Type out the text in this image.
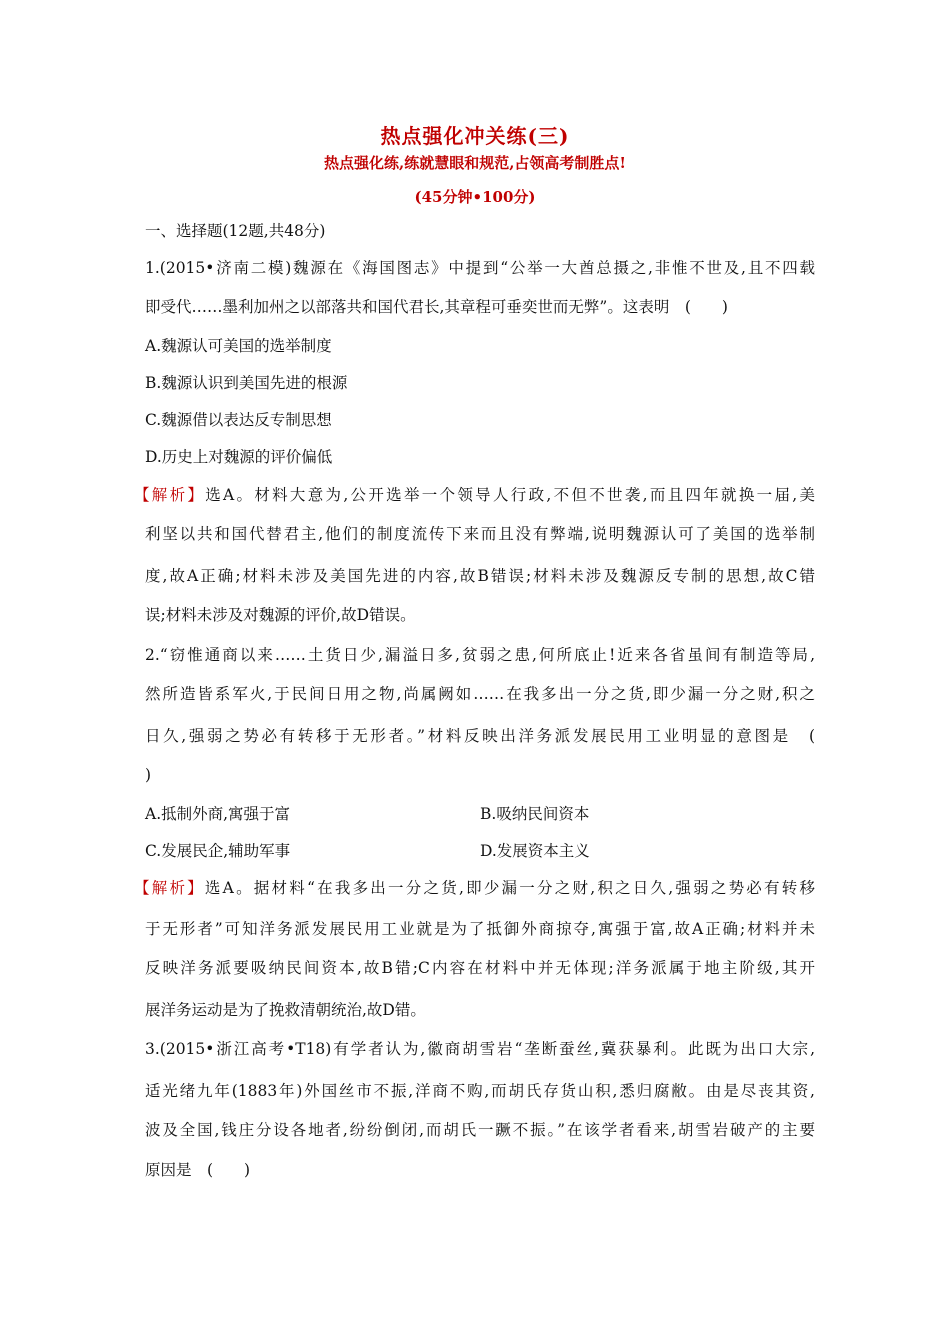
热点强化冲关练(三)
热点强化练,练就慧眼和规范,占领高考制胜点!
(45分钟•100分)
一、选择题(12题,共48分)
1.(2015•济南二模)魏源在《海国图志》中提到“公举一大酋总摄之,非惟不世及,且不四载
即受代……墨利加州之以部落共和国代君长,其章程可垂奕世而无弊”。这表明　(　　)
A.魏源认可美国的选举制度
B.魏源认识到美国先进的根源
C.魏源借以表达反专制思想
D.历史上对魏源的评价偏低
【解析】选A。材料大意为,公开选举一个领导人行政,不但不世袭,而且四年就换一届,美
利坚以共和国代替君主,他们的制度流传下来而且没有弊端,说明魏源认可了美国的选举制
度,故A正确;材料未涉及美国先进的内容,故B错误;材料未涉及魏源反专制的思想,故C错
误;材料未涉及对魏源的评价,故D错误。
2.“窃惟通商以来……土货日少,漏溢日多,贫弱之患,何所底止!近来各省虽间有制造等局,
然所造皆系军火,于民间日用之物,尚属阙如……在我多出一分之货,即少漏一分之财,积之
日久,强弱之势必有转移于无形者。”材料反映出洋务派发展民用工业明显的意图是　(
)
A.抵制外商,寓强于富	B.吸纳民间资本
C.发展民企,辅助军事	D.发展资本主义
【解析】选A。据材料“在我多出一分之货,即少漏一分之财,积之日久,强弱之势必有转移
于无形者”可知洋务派发展民用工业就是为了抵御外商掠夺,寓强于富,故A正确;材料并未
反映洋务派要吸纳民间资本,故B错;C内容在材料中并无体现;洋务派属于地主阶级,其开
展洋务运动是为了挽救清朝统治,故D错。
3.(2015•浙江高考•T18)有学者认为,徽商胡雪岩“垄断蚕丝,冀获暴利。此既为出口大宗,
适光绪九年(1883年)外国丝市不振,洋商不购,而胡氏存货山积,悉归腐敝。由是尽丧其资,
波及全国,钱庄分设各地者,纷纷倒闭,而胡氏一蹶不振。”在该学者看来,胡雪岩破产的主要
原因是　(　　)
